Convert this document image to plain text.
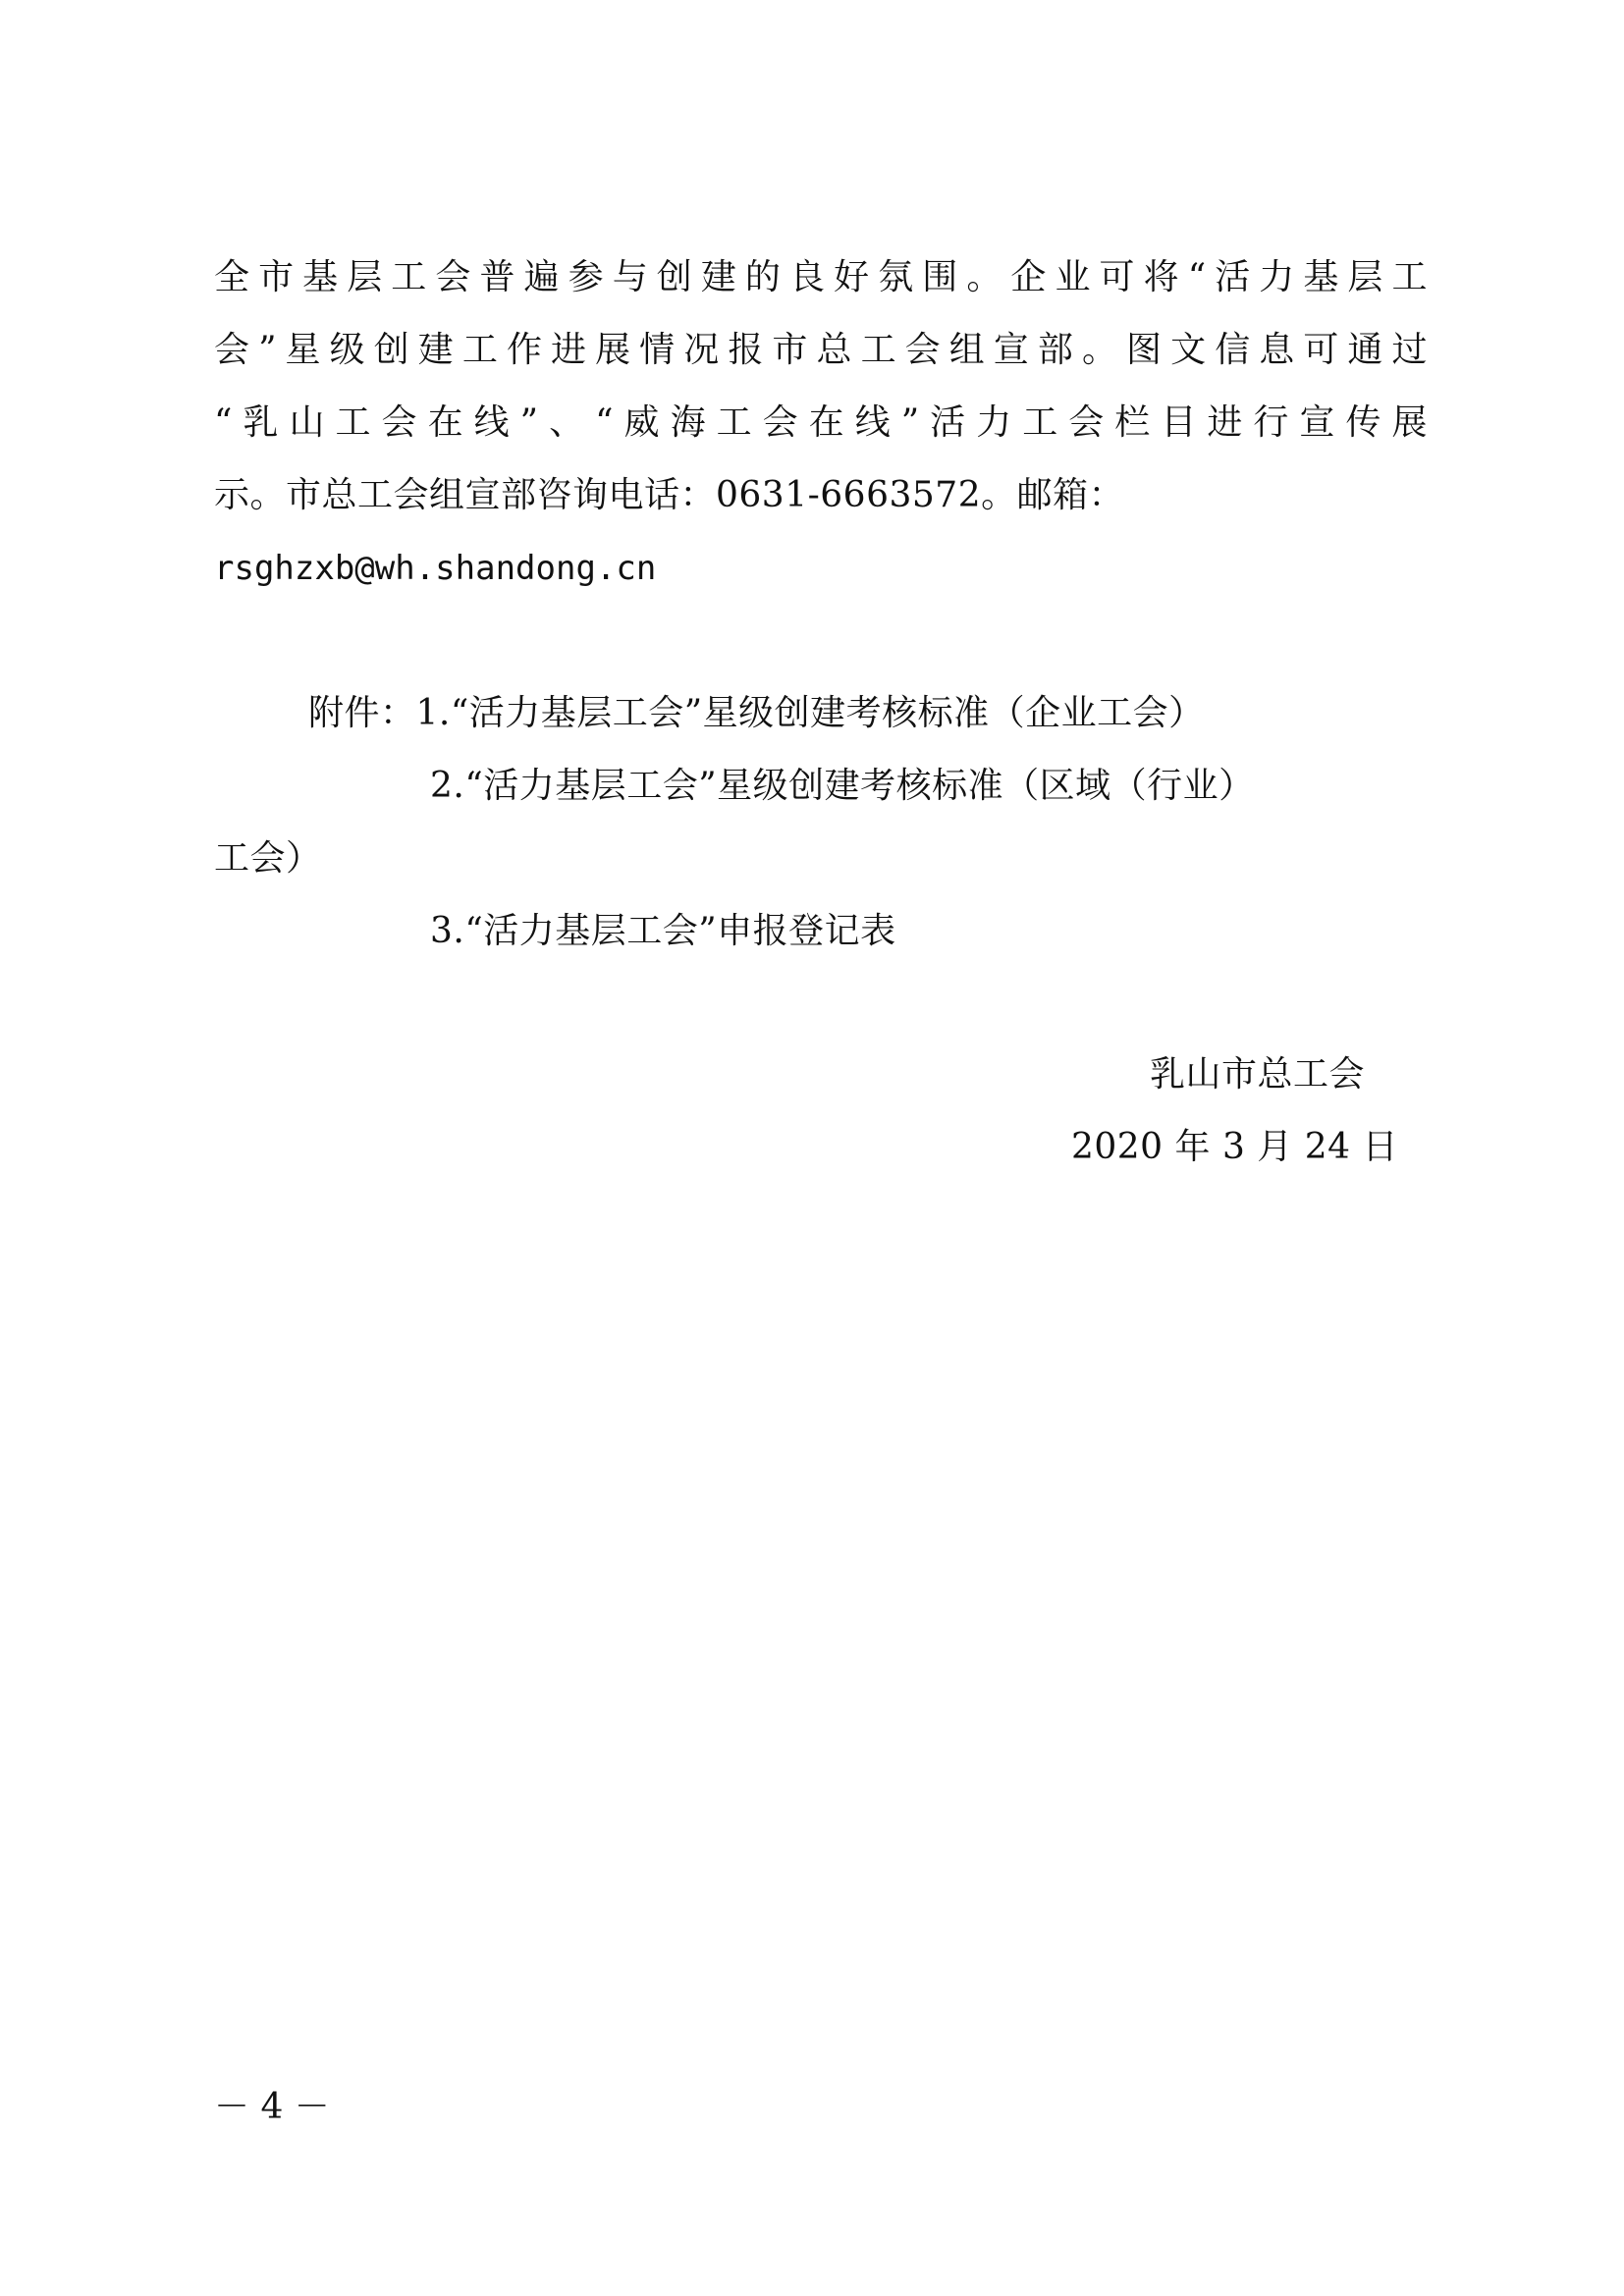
全市基层工会普遍参与创建的良好氛围。企业可将“活力基层工
会”星级创建工作进展情况报市总工会组宣部。图文信息可通过
“乳山工会在线”、“威海工会在线”活力工会栏目进行宣传展
示。市总工会组宣部咨询电话：0631-6663572。邮箱：
rsghzxb@wh.shandong.cn
附件：1.“活力基层工会”星级创建考核标准（企业工会）
2.“活力基层工会”星级创建考核标准（区域（行业）
工会）
3.“活力基层工会”申报登记表
乳山市总工会
2020 年 3 月 24 日
－ 4 －
